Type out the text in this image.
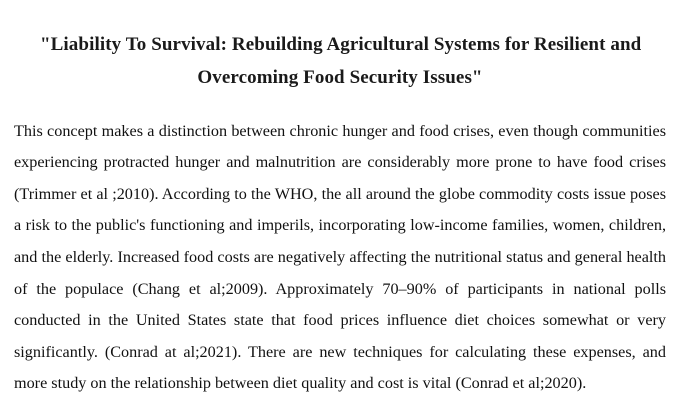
"Liability To Survival: Rebuilding Agricultural Systems for Resilient and
Overcoming Food Security Issues"

This concept makes a distinction between chronic hunger and food crises, even though communities experiencing protracted hunger and malnutrition are considerably more prone to have food crises (Trimmer et al ;2010). According to the WHO, the all around the globe commodity costs issue poses a risk to the public's functioning and imperils, incorporating low-income families, women, children, and the elderly. Increased food costs are negatively affecting the nutritional status and general health of the populace (Chang et al;2009). Approximately 70–90% of participants in national polls conducted in the United States state that food prices influence diet choices somewhat or very significantly. (Conrad at al;2021). There are new techniques for calculating these expenses, and more study on the relationship between diet quality and cost is vital (Conrad et al;2020).
